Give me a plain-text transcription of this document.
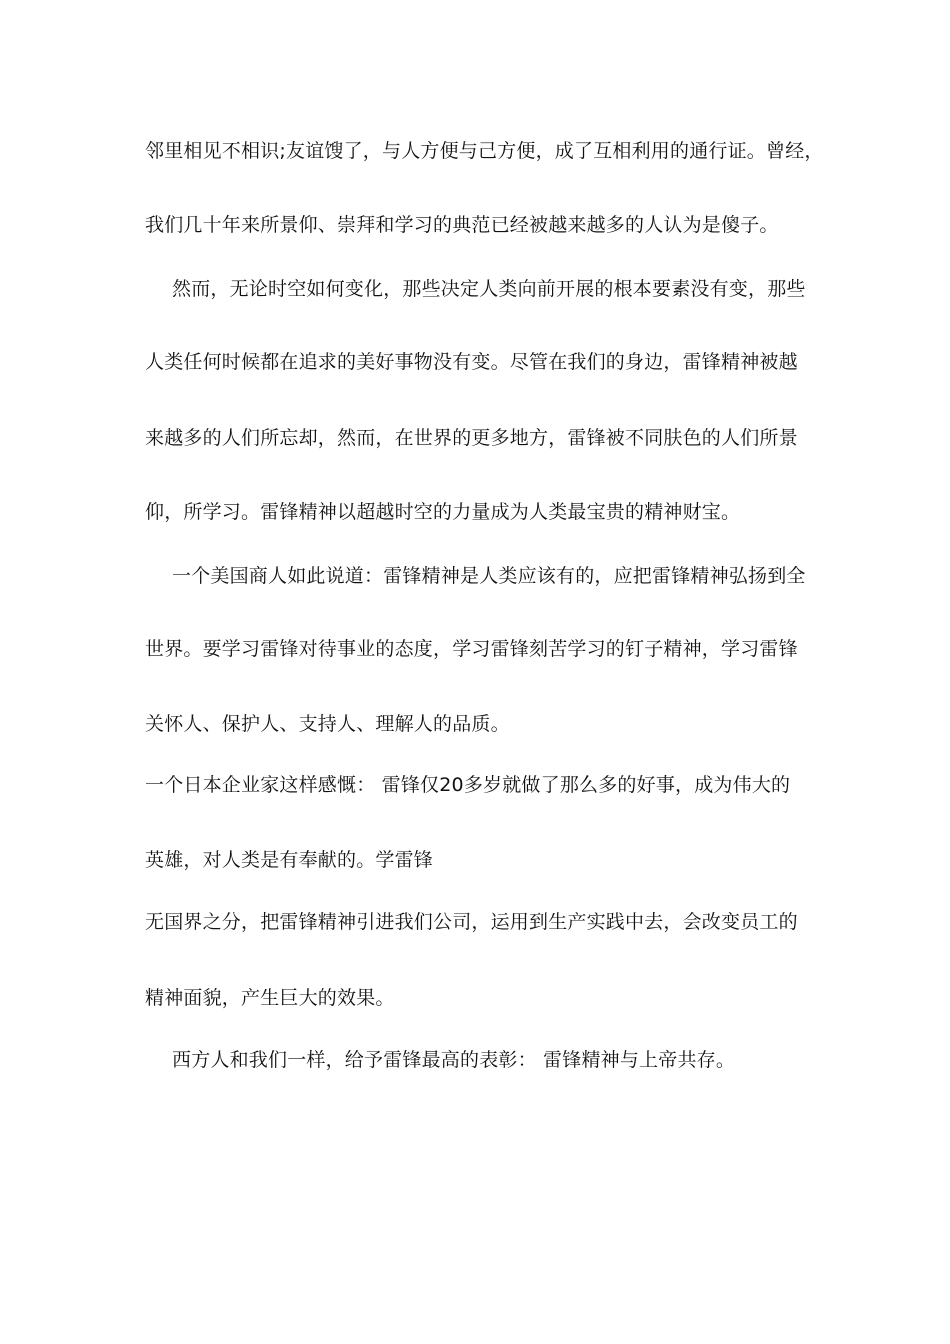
邻里相见不相识;友谊馊了，与人方便与己方便，成了互相利用的通行证。曾经，
我们几十年来所景仰、崇拜和学习的典范已经被越来越多的人认为是傻子。
然而，无论时空如何变化，那些决定人类向前开展的根本要素没有变，那些
人类任何时候都在追求的美好事物没有变。尽管在我们的身边，雷锋精神被越
来越多的人们所忘却，然而，在世界的更多地方，雷锋被不同肤色的人们所景
仰，所学习。雷锋精神以超越时空的力量成为人类最宝贵的精神财宝。
一个美国商人如此说道：雷锋精神是人类应该有的，应把雷锋精神弘扬到全
世界。要学习雷锋对待事业的态度，学习雷锋刻苦学习的钉子精神，学习雷锋
关怀人、保护人、支持人、理解人的品质。
一个日本企业家这样感慨： 雷锋仅20多岁就做了那么多的好事，成为伟大的
英雄，对人类是有奉献的。学雷锋
无国界之分，把雷锋精神引进我们公司，运用到生产实践中去，会改变员工的
精神面貌，产生巨大的效果。
西方人和我们一样，给予雷锋最高的表彰： 雷锋精神与上帝共存。
